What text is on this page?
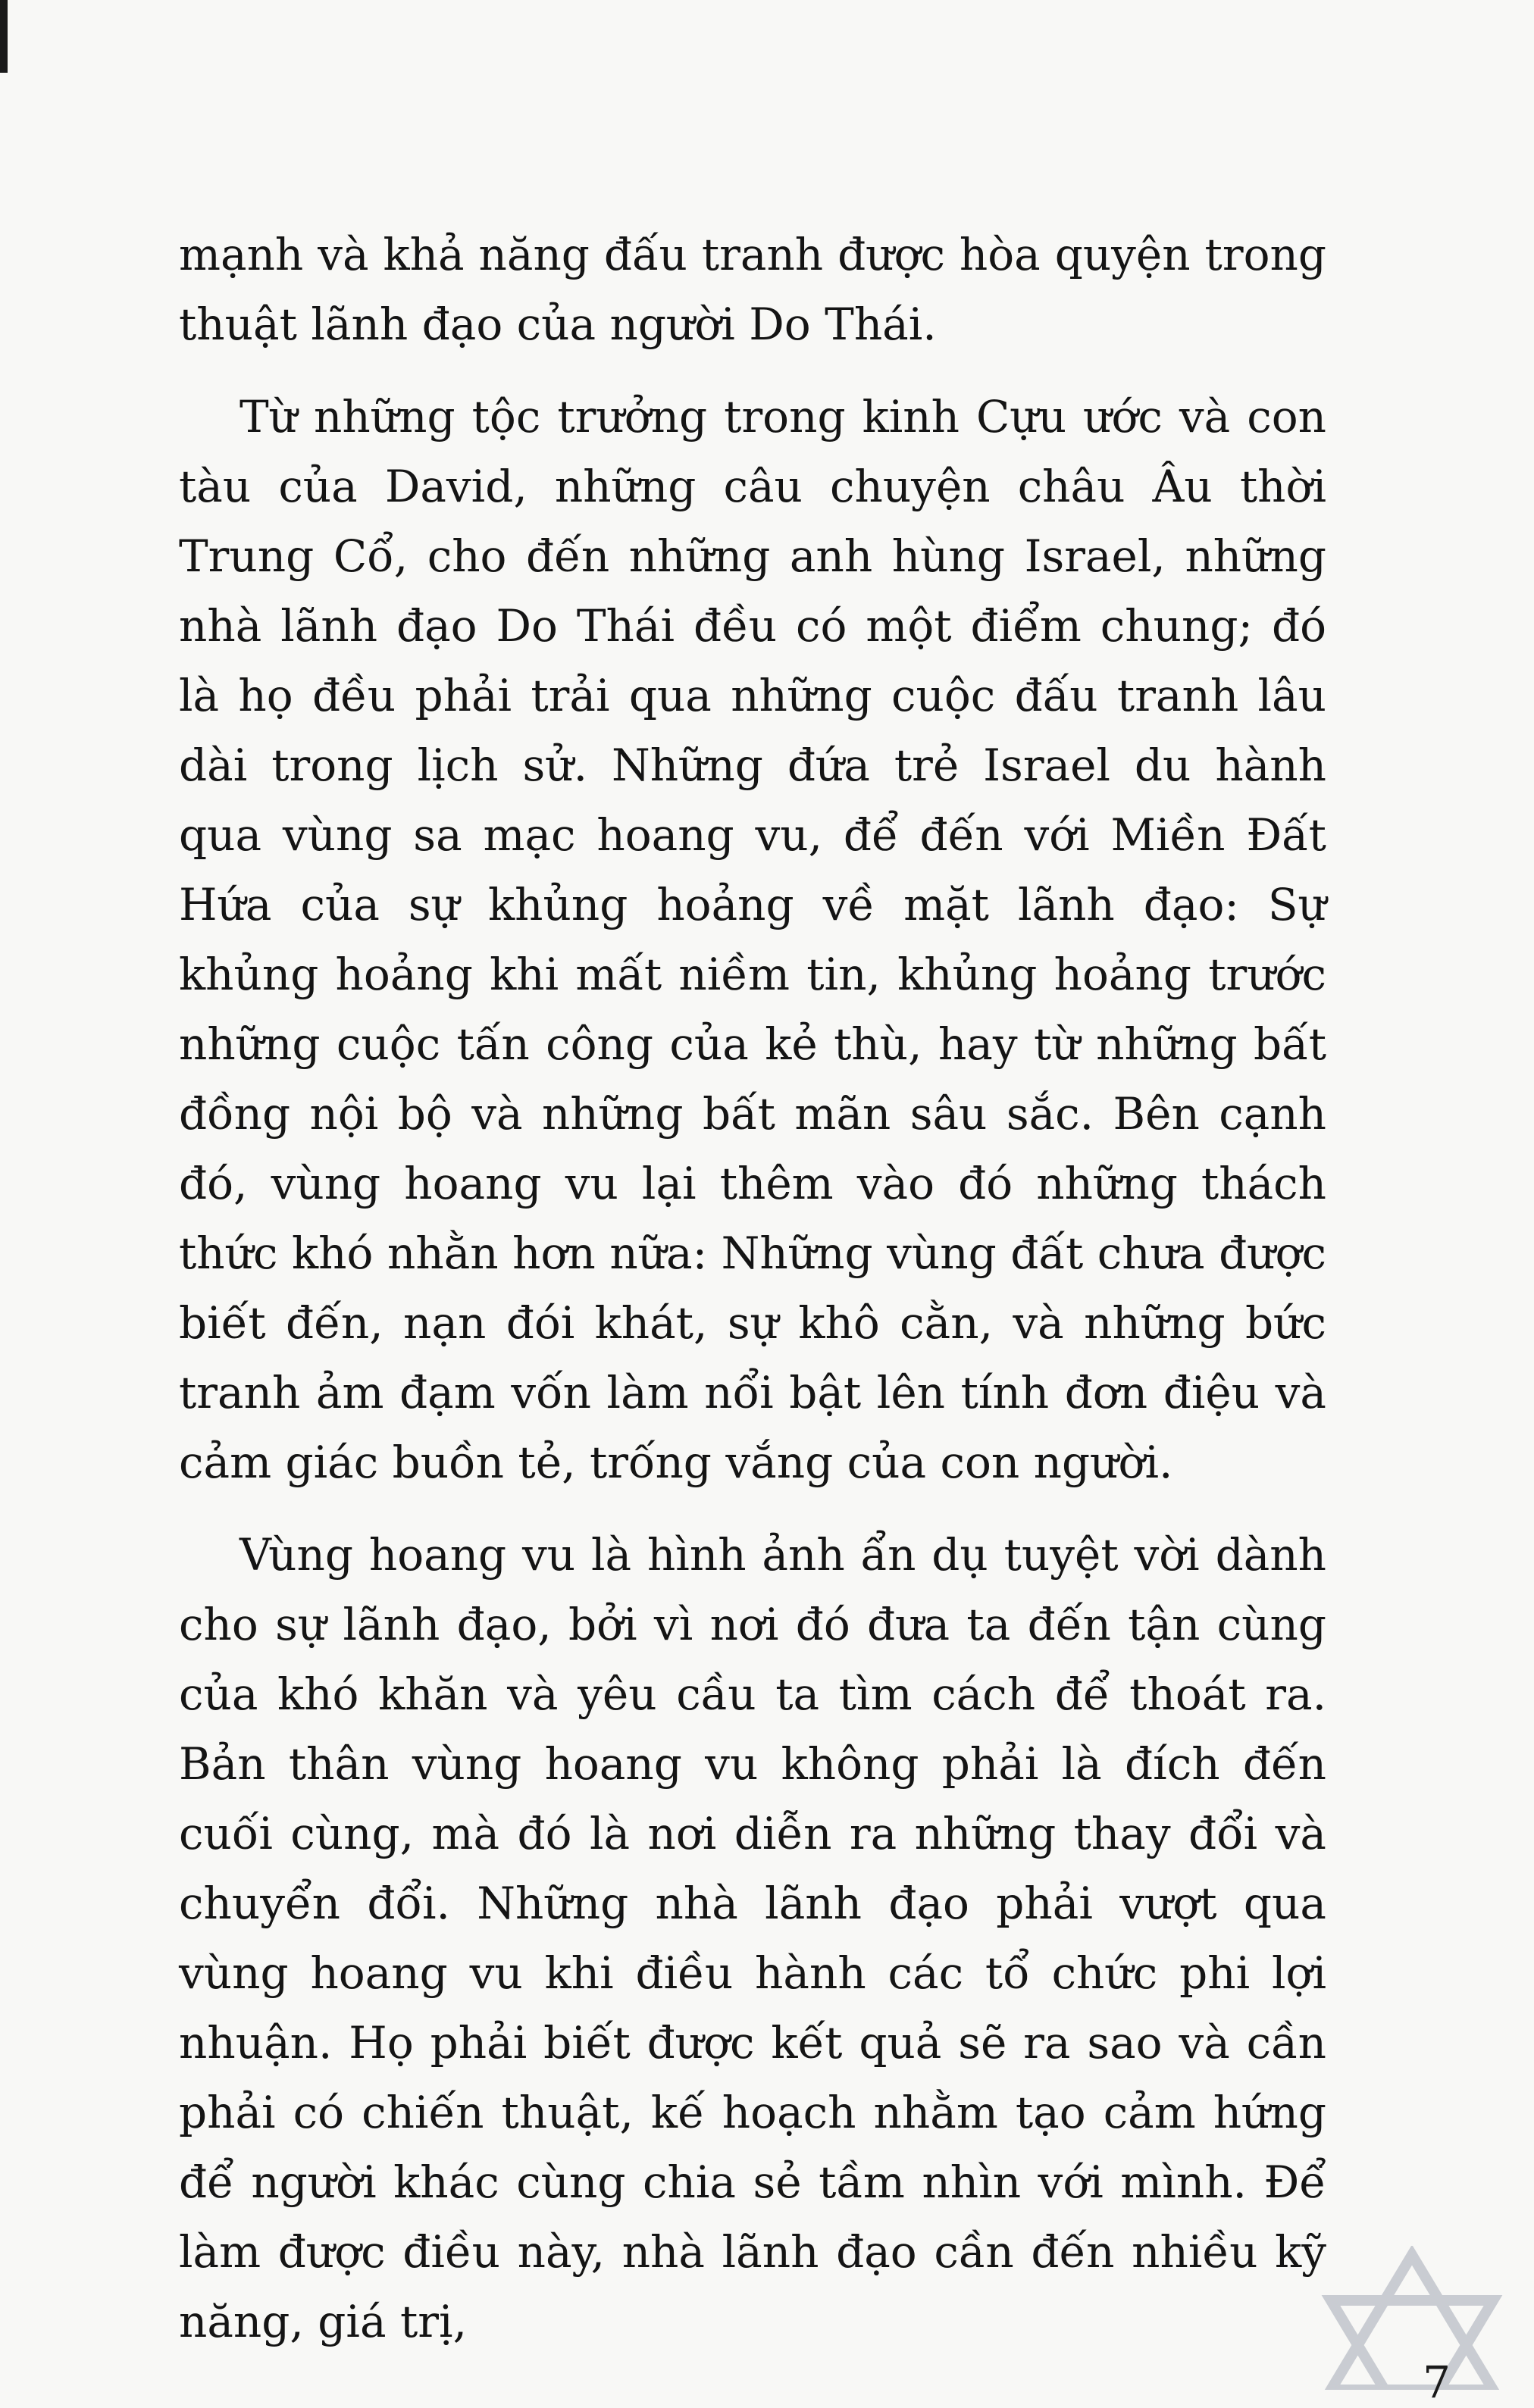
mạnh và khả năng đấu tranh được hòa quyện trong thuật lãnh đạo của người Do Thái.

Từ những tộc trưởng trong kinh Cựu ước và con tàu của David, những câu chuyện châu Âu thời Trung Cổ, cho đến những anh hùng Israel, những nhà lãnh đạo Do Thái đều có một điểm chung; đó là họ đều phải trải qua những cuộc đấu tranh lâu dài trong lịch sử. Những đứa trẻ Israel du hành qua vùng sa mạc hoang vu, để đến với Miền Đất Hứa của sự khủng hoảng về mặt lãnh đạo: Sự khủng hoảng khi mất niềm tin, khủng hoảng trước những cuộc tấn công của kẻ thù, hay từ những bất đồng nội bộ và những bất mãn sâu sắc. Bên cạnh đó, vùng hoang vu lại thêm vào đó những thách thức khó nhằn hơn nữa: Những vùng đất chưa được biết đến, nạn đói khát, sự khô cằn, và những bức tranh ảm đạm vốn làm nổi bật lên tính đơn điệu và cảm giác buồn tẻ, trống vắng của con người.

Vùng hoang vu là hình ảnh ẩn dụ tuyệt vời dành cho sự lãnh đạo, bởi vì nơi đó đưa ta đến tận cùng của khó khăn và yêu cầu ta tìm cách để thoát ra. Bản thân vùng hoang vu không phải là đích đến cuối cùng, mà đó là nơi diễn ra những thay đổi và chuyển đổi. Những nhà lãnh đạo phải vượt qua vùng hoang vu khi điều hành các tổ chức phi lợi nhuận. Họ phải biết được kết quả sẽ ra sao và cần phải có chiến thuật, kế hoạch nhằm tạo cảm hứng để người khác cùng chia sẻ tầm nhìn với mình. Để làm được điều này, nhà lãnh đạo cần đến nhiều kỹ năng, giá trị,

7
